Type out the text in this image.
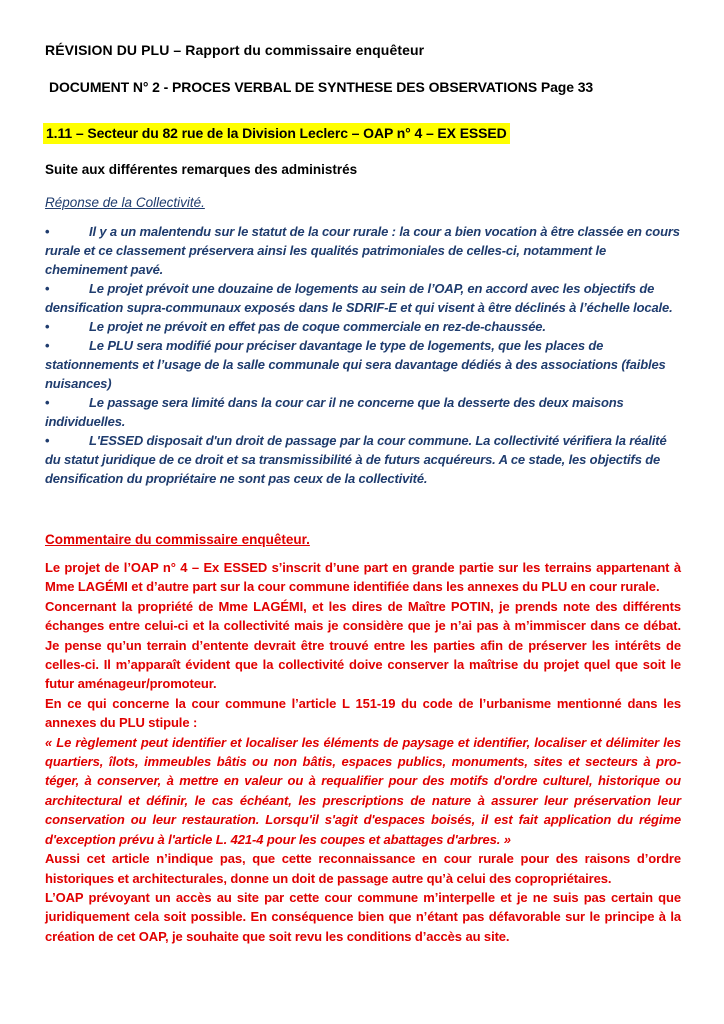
RÉVISION DU PLU – Rapport du commissaire enquêteur

DOCUMENT N° 2 - PROCES VERBAL DE SYNTHESE DES OBSERVATIONS Page 33

1.11 – Secteur du 82 rue de la Division Leclerc – OAP n° 4 – EX ESSED

Suite aux différentes remarques des administrés

Réponse de la Collectivité.

•	Il y a un malentendu sur le statut de la cour rurale : la cour a bien vocation à être classée en cours rurale et ce classement préservera ainsi les qualités patrimoniales de celles-ci, notamment le cheminement pavé.
•	Le projet prévoit une douzaine de logements au sein de l’OAP, en accord avec les objectifs de densification supra-communaux exposés dans le SDRIF-E et qui visent à être déclinés à l’échelle locale.
•	Le projet ne prévoit en effet pas de coque commerciale en rez-de-chaussée.
•	Le PLU sera modifié pour préciser davantage le type de logements, que les places de stationnements et l’usage de la salle communale qui sera davantage dédiés à des associations (faibles nuisances)
•	Le passage sera limité dans la cour car il ne concerne que la desserte des deux maisons individuelles.
•	L'ESSED disposait d'un droit de passage par la cour commune. La collectivité vérifiera la réalité du statut juridique de ce droit et sa transmissibilité à de futurs acquéreurs. A ce stade, les objectifs de densification du propriétaire ne sont pas ceux de la collectivité.

Commentaire du commissaire enquêteur.

Le projet de l’OAP n° 4 – Ex ESSED s’inscrit d’une part en grande partie sur les terrains appartenant à Mme LAGÉMI et d’autre part sur la cour commune identifiée dans les annexes du PLU en cour rurale.

Concernant la propriété de Mme LAGÉMI, et les dires de Maître POTIN, je prends note des différents échanges entre celui-ci et la collectivité mais je considère que je n’ai pas à m’immiscer dans ce débat. Je pense qu’un terrain d’entente devrait être trouvé entre les parties afin de préserver les intérêts de celles-ci. Il m’apparaît évident que la collectivité doive conserver la maîtrise du projet quel que soit le futur aménageur/promoteur.

En ce qui concerne la cour commune l’article L 151-19 du code de l’urbanisme mentionné dans les annexes du PLU stipule :

« Le règlement peut identifier et localiser les éléments de paysage et identifier, localiser et délimiter les quartiers, îlots, immeubles bâtis ou non bâtis, espaces publics, monuments, sites et secteurs à pro-téger, à conserver, à mettre en valeur ou à requalifier pour des motifs d'ordre culturel, historique ou architectural et définir, le cas échéant, les prescriptions de nature à assurer leur préservation leur conservation ou leur restauration. Lorsqu'il s'agit d'espaces boisés, il est fait application du régime d'exception prévu à l'article L. 421-4 pour les coupes et abattages d'arbres. »

Aussi cet article n’indique pas, que cette reconnaissance en cour rurale pour des raisons d’ordre historiques et architecturales, donne un doit de passage autre qu’à celui des copropriétaires.

L’OAP prévoyant un accès au site par cette cour commune m’interpelle et je ne suis pas certain que juridiquement cela soit possible. En conséquence bien que n’étant pas défavorable sur le principe à la création de cet OAP, je souhaite que soit revu les conditions d’accès au site.
